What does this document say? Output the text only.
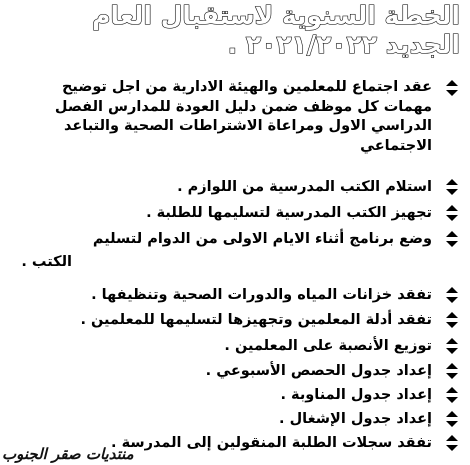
الخطة السنوية لاستقبال العام
الجديد ٢٠٢١/٢٠٢٢ .
عقد اجتماع للمعلمين والهيئة الادارية من اجل توضيح مهمات كل موظف ضمن دليل العودة للمدارس الفصل الدراسي الاول ومراعاة الاشتراطات الصحية والتباعد الاجتماعي
استلام الكتب المدرسية من اللوازم .
تجهيز الكتب المدرسية لتسليمها للطلبة .
وضع برنامج أثناء الايام الاولى من الدوام لتسليم
الكتب .
تفقد خزانات المياه والدورات الصحية وتنظيفها .
تفقد أدلة المعلمين وتجهيزها لتسليمها للمعلمين .
توزيع الأنصبة على المعلمين .
إعداد جدول الحصص الأسبوعي .
إعداد جدول المناوبة .
إعداد جدول الإشغال .
تفقد سجلات الطلبة المنقولين إلى المدرسة .
منتديات صقر الجنوب
